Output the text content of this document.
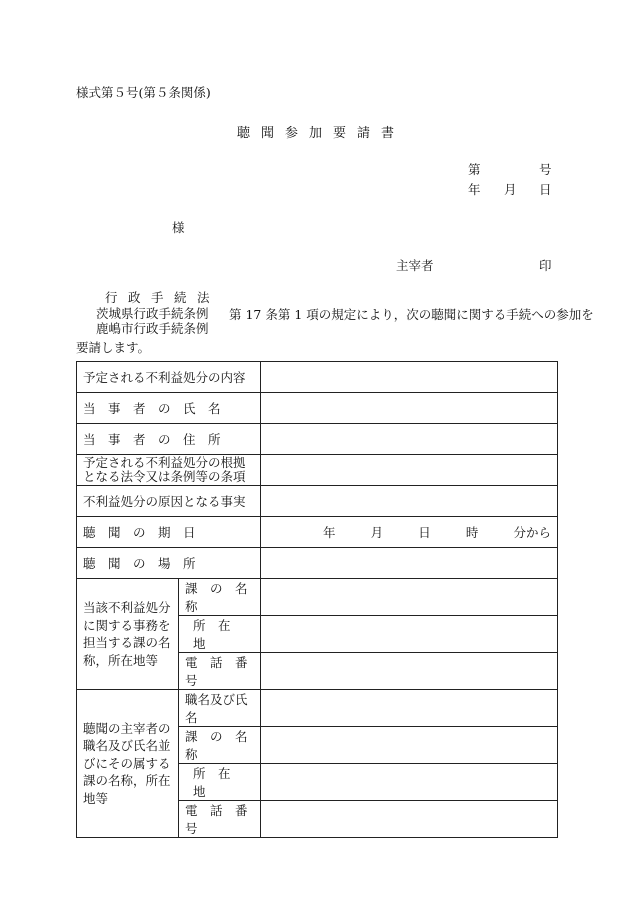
様式第５号(第５条関係)
聴聞参加要請書
第	号
年 月 日
様
主宰者	印
行　政　手　続　法
茨城県行政手続条例
鹿嶋市行政手続条例
第 17 条第 1 項の規定により，次の聴聞に関する手続への参加を
要請します。
予定される不利益処分の内容		
当　事　者　の　氏　名		
当　事　者　の　住　所		
予定される不利益処分の根拠となる法令又は条例等の条項		
不利益処分の原因となる事実		
聴　聞　の　期　日		年 月 日 時 分から

聴　聞　の　場　所		
当該不利益処分に関する事務を担当する課の名称，所在地等	課　の　名　称	
	所　在　地	
	電　話　番　号	
聴聞の主宰者の職名及び氏名並びにその属する課の名称，所在地等	職名及び氏名	
	課　の　名　称	
	所　在　地	
	電　話　番　号	
